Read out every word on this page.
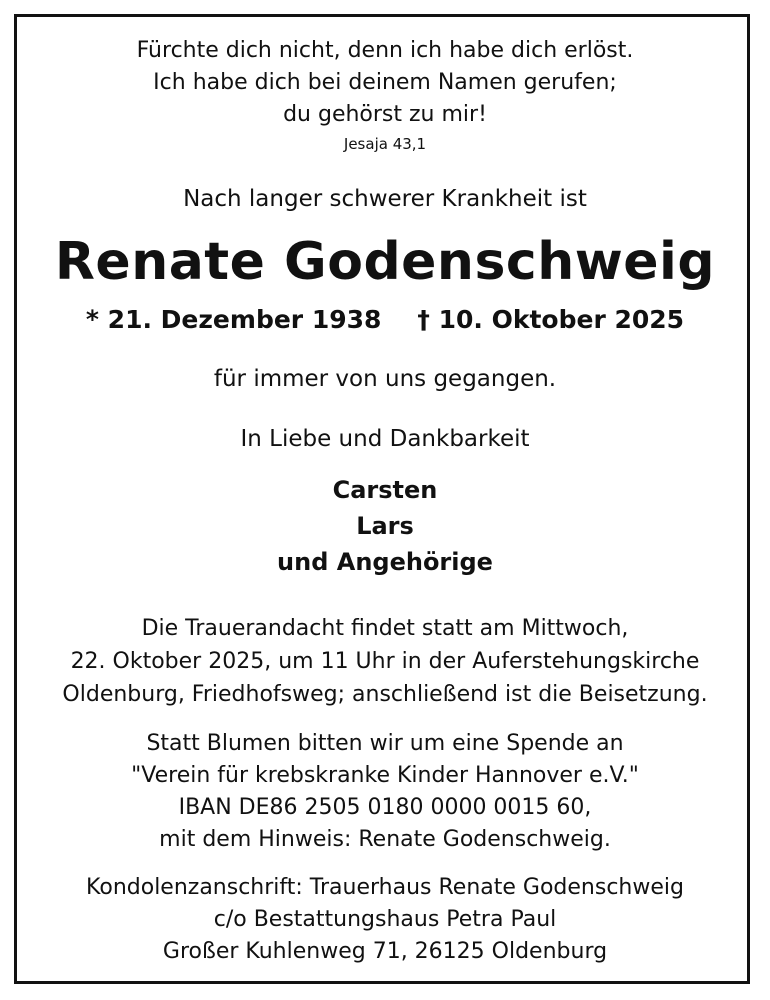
Fürchte dich nicht, denn ich habe dich erlöst.
Ich habe dich bei deinem Namen gerufen;
du gehörst zu mir!
Jesaja 43,1
Nach langer schwerer Krankheit ist
Renate Godenschweig
* 21. Dezember 1938 † 10. Oktober 2025
für immer von uns gegangen.
In Liebe und Dankbarkeit
Carsten
Lars
und Angehörige
Die Trauerandacht findet statt am Mittwoch,
22. Oktober 2025, um 11 Uhr in der Auferstehungskirche
Oldenburg, Friedhofsweg; anschließend ist die Beisetzung.
Statt Blumen bitten wir um eine Spende an
"Verein für krebskranke Kinder Hannover e.V."
IBAN DE86 2505 0180 0000 0015 60,
mit dem Hinweis: Renate Godenschweig.
Kondolenzanschrift: Trauerhaus Renate Godenschweig
c/o Bestattungshaus Petra Paul
Großer Kuhlenweg 71, 26125 Oldenburg
